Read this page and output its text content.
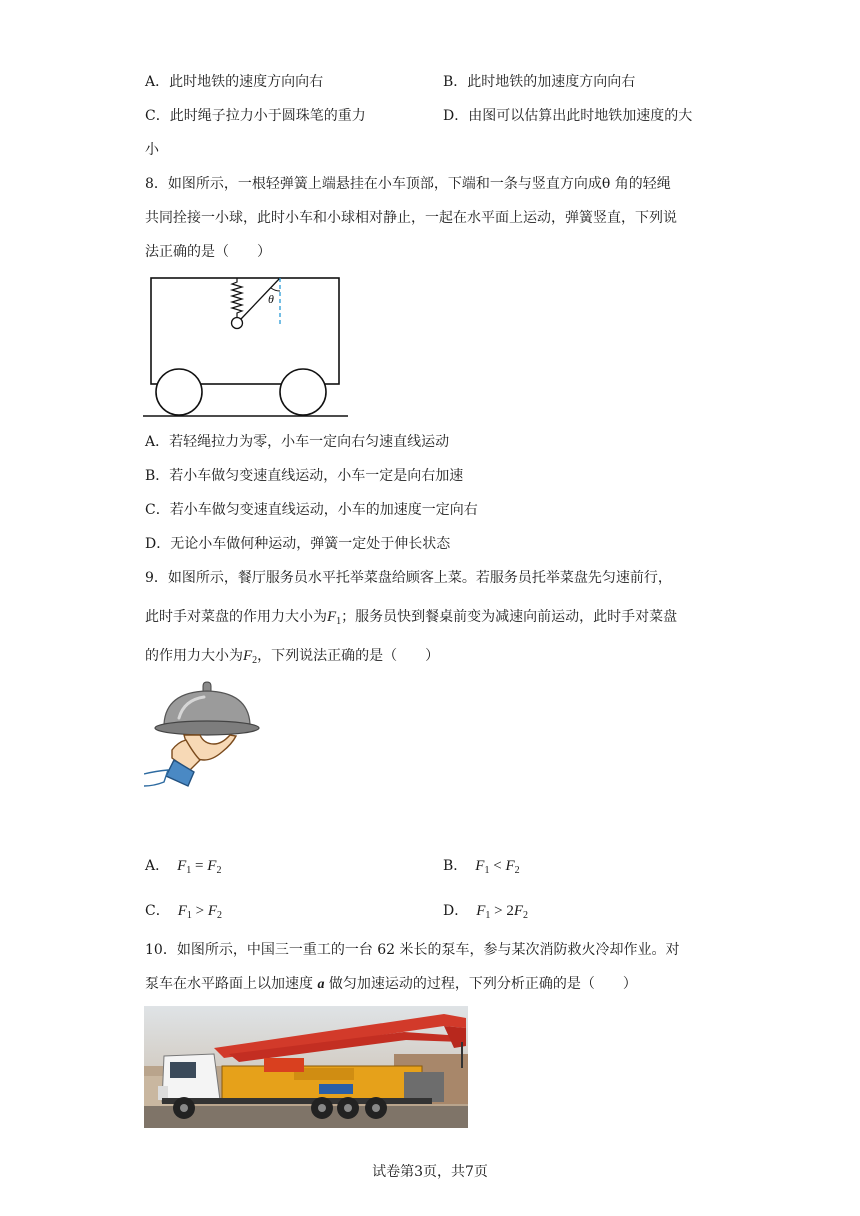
A．此时地铁的速度方向向右	B．此时地铁的加速度方向向右
C．此时绳子拉力小于圆珠笔的重力	D．由图可以估算出此时地铁加速度的大
小
8．如图所示，一根轻弹簧上端悬挂在小车顶部，下端和一条与竖直方向成θ 角的轻绳
共同拴接一小球，此时小车和小球相对静止，一起在水平面上运动，弹簧竖直，下列说
法正确的是（　　）
θ
A．若轻绳拉力为零，小车一定向右匀速直线运动
B．若小车做匀变速直线运动，小车一定是向右加速
C．若小车做匀变速直线运动，小车的加速度一定向右
D．无论小车做何种运动，弹簧一定处于伸长状态
9．如图所示，餐厅服务员水平托举菜盘给顾客上菜。若服务员托举菜盘先匀速前行，
此时手对菜盘的作用力大小为$F_1$；服务员快到餐桌前变为减速向前运动，此时手对菜盘
的作用力大小为$F_2$，下列说法正确的是（　　）
A． $F_1 = F_2$	B． $F_1 < F_2$
C． $F_1 > F_2$	D． $F_1 > 2F_2$
10．如图所示，中国三一重工的一台 62 米长的泵车，参与某次消防救火冷却作业。对
泵车在水平路面上以加速度 a 做匀加速运动的过程，下列分析正确的是（　　）
试卷第3页，共7页
